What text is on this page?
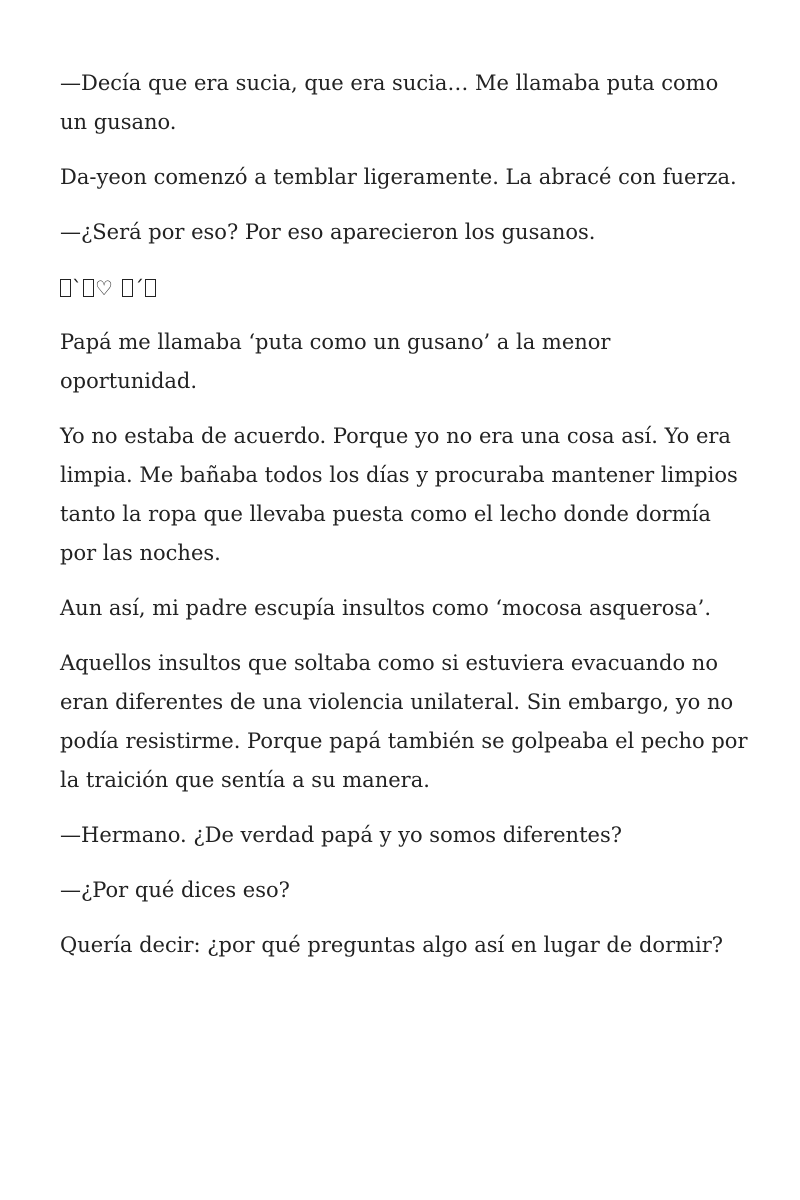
—Decía que era sucia, que era sucia… Me llamaba puta como un gusano.

Da-yeon comenzó a temblar ligeramente. La abracé con fuerza.

—¿Será por eso? Por eso aparecieron los gusanos.

` ♡ ´

Papá me llamaba ‘puta como un gusano’ a la menor oportunidad.

Yo no estaba de acuerdo. Porque yo no era una cosa así. Yo era limpia. Me bañaba todos los días y procuraba mantener limpios tanto la ropa que llevaba puesta como el lecho donde dormía por las noches.

Aun así, mi padre escupía insultos como ‘mocosa asquerosa’.

Aquellos insultos que soltaba como si estuviera evacuando no eran diferentes de una violencia unilateral. Sin embargo, yo no podía resistirme. Porque papá también se golpeaba el pecho por la traición que sentía a su manera.

—Hermano. ¿De verdad papá y yo somos diferentes?

—¿Por qué dices eso?

Quería decir: ¿por qué preguntas algo así en lugar de dormir?
